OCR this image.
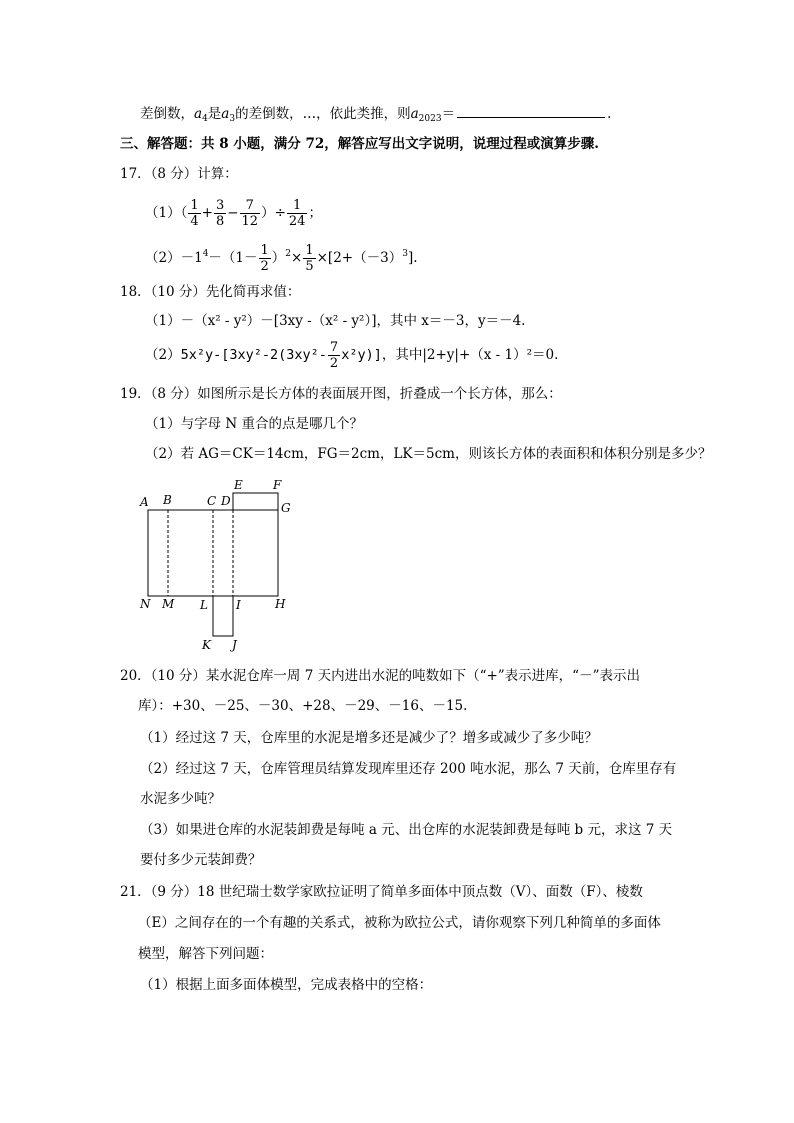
差倒数，$a_4$是$a_3$的差倒数，…，依此类推，则$a_{2023}=$	.
三、解答题：共 8 小题，满分 72，解答应写出文字说明，说理过程或演算步骤.
17．（8 分）计算：
$(1)( \frac{1}{4} + \frac{3}{8} - \frac{7}{12}$ ）÷ $\frac{1}{24}$ ；
$(2)-1^4-(1- \frac{1}{2} )^2\times \frac{1}{5} \times[2+(-3)^3]$.
18．（10 分）先化简再求值：
（1）－（x² - y²）－[3xy -（x² - y²）]，其中 x＝－3，y＝－4.
$(2)5x^2y-[3xy^2-2(3xy^2- \frac{7}{2} x^2y)]$，其中|2+y|+（x - 1）²＝0.
19．（8 分）如图所示是长方体的表面展开图，折叠成一个长方体，那么：
（1）与字母 N 重合的点是哪几个？
（2）若 AG＝CK＝14cm，FG＝2cm，LK＝5cm，则该长方体的表面积和体积分别是多少？
A B	C D
E	F
G
H
I
J
K
L
M
N
20．（10 分）某水泥仓库一周 7 天内进出水泥的吨数如下（“+”表示进库，“－”表示出
库）：+30、－25、－30、+28、－29、－16、－15.
（1）经过这 7 天，仓库里的水泥是增多还是减少了？增多或减少了多少吨？
（2）经过这 7 天，仓库管理员结算发现库里还存 200 吨水泥，那么 7 天前，仓库里存有
水泥多少吨？
（3）如果进仓库的水泥装卸费是每吨 a 元、出仓库的水泥装卸费是每吨 b 元，求这 7 天
要付多少元装卸费？
21．（9 分）18 世纪瑞士数学家欧拉证明了简单多面体中顶点数（V）、面数（F）、棱数
（E）之间存在的一个有趣的关系式，被称为欧拉公式，请你观察下列几种简单的多面体
模型，解答下列问题：
（1）根据上面多面体模型，完成表格中的空格：
